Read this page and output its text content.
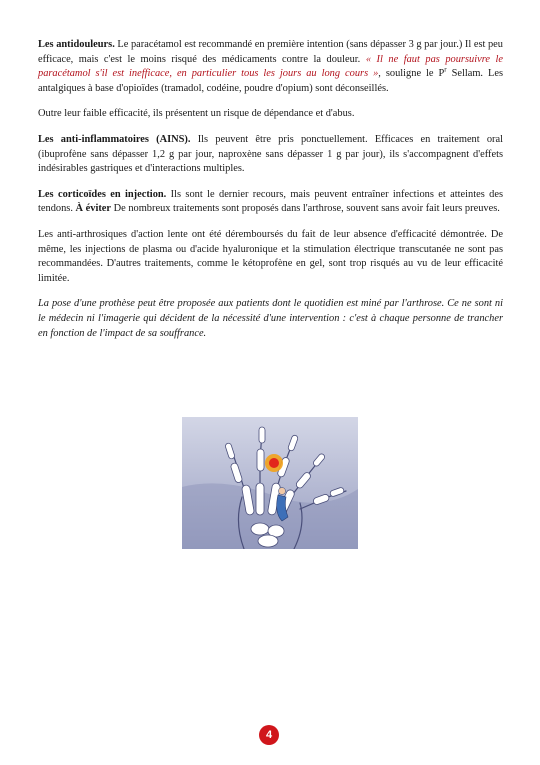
Les antidouleurs. Le paracétamol est recommandé en première intention (sans dépasser 3 g par jour.) Il est peu efficace, mais c'est le moins risqué des médicaments contre la douleur. « Il ne faut pas poursuivre le paracétamol s'il est inefficace, en particulier tous les jours au long cours », souligne le $P^r$ Sellam. Les antalgiques à base d'opioïdes (tramadol, codéine, poudre d'opium) sont déconseillés.

Outre leur faible efficacité, ils présentent un risque de dépendance et d'abus.

Les anti-inflammatoires (AINS). Ils peuvent être pris ponctuellement. Efficaces en traitement oral (ibuprofène sans dépasser 1,2 g par jour, naproxène sans dépasser 1 g par jour), ils s'accompagnent d'effets indésirables gastriques et d'interactions multiples.

Les corticoïdes en injection. Ils sont le dernier recours, mais peuvent entraîner infections et atteintes des tendons. À éviter De nombreux traitements sont proposés dans l'arthrose, souvent sans avoir fait leurs preuves.

Les anti-arthrosiques d'action lente ont été déremboursés du fait de leur absence d'efficacité démontrée. De même, les injections de plasma ou d'acide hyaluronique et la stimulation électrique transcutanée ne sont pas recommandées. D'autres traitements, comme le kétoprofène en gel, sont trop risqués au vu de leur efficacité limitée.

La pose d'une prothèse peut être proposée aux patients dont le quotidien est miné par l'arthrose. Ce ne sont ni le médecin ni l'imagerie qui décident de la nécessité d'une intervention : c'est à chaque personne de trancher en fonction de l'impact de sa souffrance.

4
